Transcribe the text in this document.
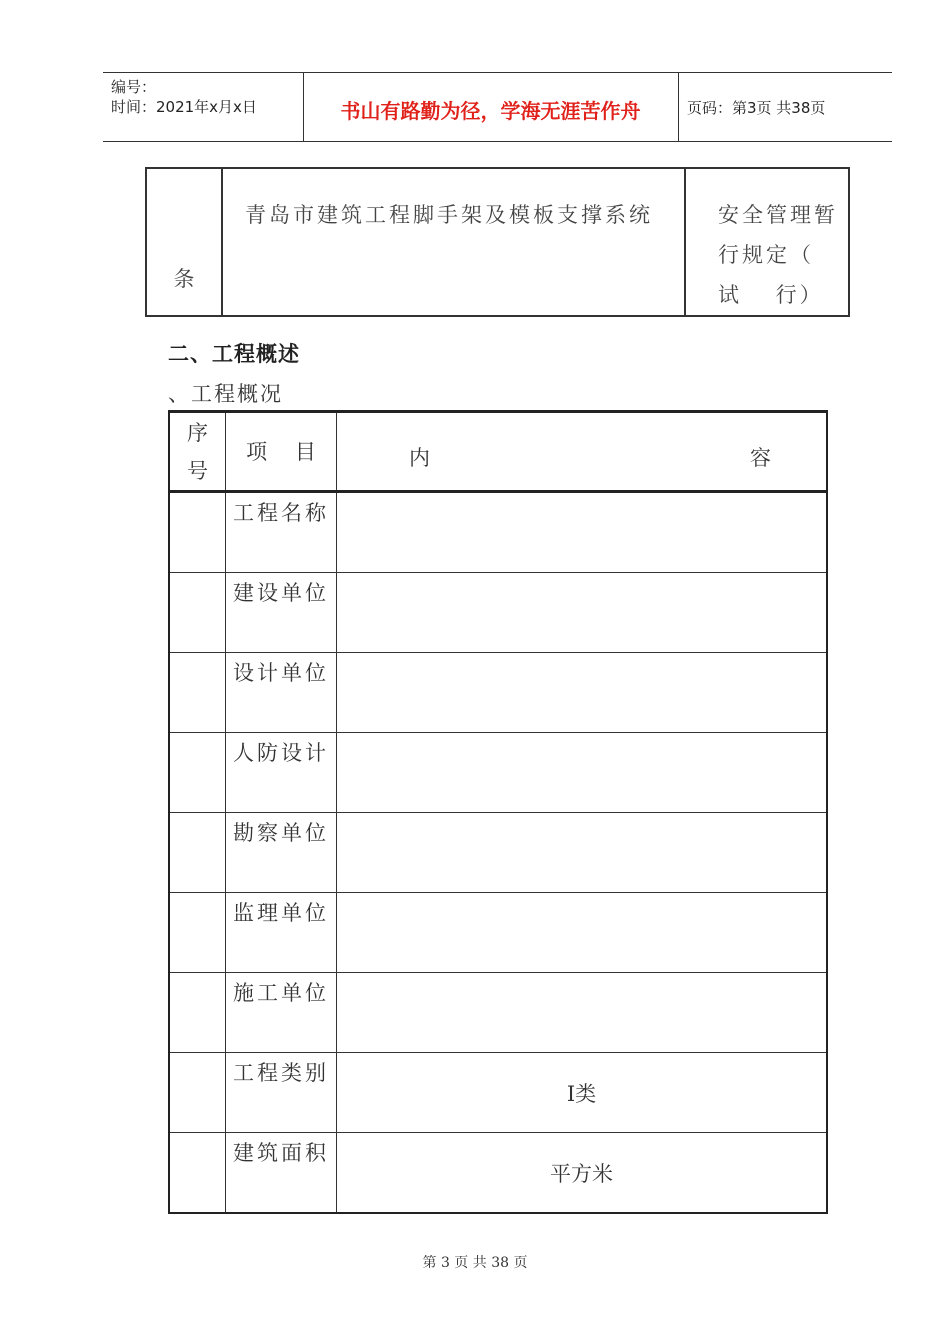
编号：
时间：2021年x月x日	书山有路勤为径，学海无涯苦作舟	页码：第3页 共38页
条	青岛市建筑工程脚手架及模板支撑系统	安全管理暂行规定（ 试　 行）
二、工程概述
、工程概况
序
号	项　 目	内 容

	工程名称	
	建设单位	
	设计单位	
	人防设计	
	勘察单位	
	监理单位	
	施工单位	
	工程类别	Ⅰ类
	建筑面积	平方米
第 3 页 共 38 页
